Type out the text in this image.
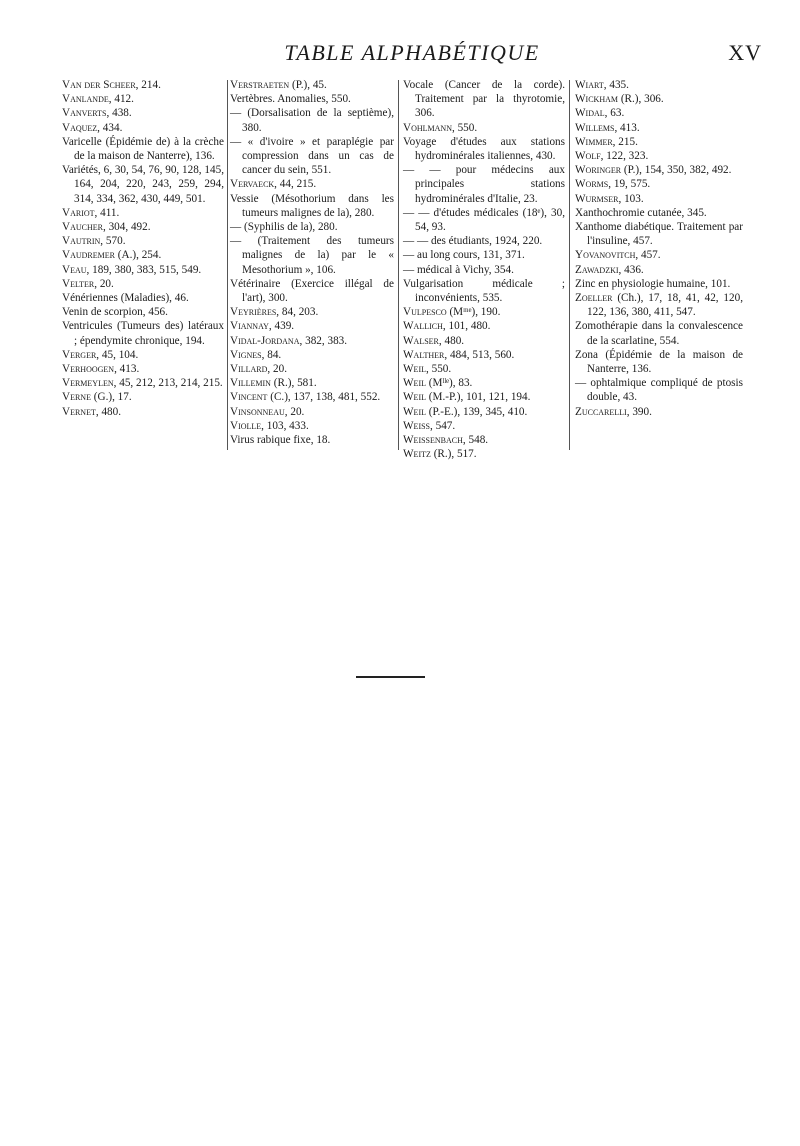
TABLE ALPHABÉTIQUE	XV

Van der Scheer, 214.

Vanlande, 412.

Vanverts, 438.

Vaquez, 434.

Varicelle (Épidémie de) à la crèche de la maison de Nanterre), 136.

Variétés, 6, 30, 54, 76, 90, 128, 145, 164, 204, 220, 243, 259, 294, 314, 334, 362, 430, 449, 501.

Variot, 411.

Vaucher, 304, 492.

Vautrin, 570.

Vaudremer (A.), 254.

Veau, 189, 380, 383, 515, 549.

Velter, 20.

Vénériennes (Maladies), 46.

Venin de scorpion, 456.

Ventricules (Tumeurs des) latéraux ; épendymite chronique, 194.

Verger, 45, 104.

Verhoogen, 413.

Vermeylen, 45, 212, 213, 214, 215.

Verne (G.), 17.

Vernet, 480.

Verstraeten (P.), 45.

Vertèbres. Anomalies, 550.

— (Dorsalisation de la septième), 380.

— « d'ivoire » et paraplégie par compression dans un cas de cancer du sein, 551.

Vervaeck, 44, 215.

Vessie (Mésothorium dans les tumeurs malignes de la), 280.

— (Syphilis de la), 280.

— (Traitement des tumeurs malignes de la) par le « Mesothorium », 106.

Vétérinaire (Exercice illégal de l'art), 300.

Veyrières, 84, 203.

Viannay, 439.

Vidal-Jordana, 382, 383.

Vignes, 84.

Villard, 20.

Villemin (R.), 581.

Vincent (C.), 137, 138, 481, 552.

Vinsonneau, 20.

Violle, 103, 433.

Virus rabique fixe, 18.

Vocale (Cancer de la corde). Traitement par la thyrotomie, 306.

Vohlmann, 550.

Voyage d'études aux stations hydrominérales italiennes, 430.

— — pour médecins aux principales stations hydrominérales d'Italie, 23.

— — d'études médicales (18ᵉ), 30, 54, 93.

— — des étudiants, 1924, 220.

— au long cours, 131, 371.

— médical à Vichy, 354.

Vulgarisation médicale ; inconvénients, 535.

Vulpesco (Mᵐᵉ), 190.

Wallich, 101, 480.

Walser, 480.

Walther, 484, 513, 560.

Weil, 550.

Weil (Mˡˡᵉ), 83.

Weil (M.-P.), 101, 121, 194.

Weil (P.-E.), 139, 345, 410.

Weiss, 547.

Weissenbach, 548.

Weitz (R.), 517.

Wiart, 435.

Wickham (R.), 306.

Widal, 63.

Willems, 413.

Wimmer, 215.

Wolf, 122, 323.

Woringer (P.), 154, 350, 382, 492.

Worms, 19, 575.

Wurmser, 103.

Xanthochromie cutanée, 345.

Xanthome diabétique. Traitement par l'insuline, 457.

Yovanovitch, 457.

Zawadzki, 436.

Zinc en physiologie humaine, 101.

Zoeller (Ch.), 17, 18, 41, 42, 120, 122, 136, 380, 411, 547.

Zomothérapie dans la convalescence de la scarlatine, 554.

Zona (Épidémie de la maison de Nanterre, 136.

— ophtalmique compliqué de ptosis double, 43.

Zuccarelli, 390.
